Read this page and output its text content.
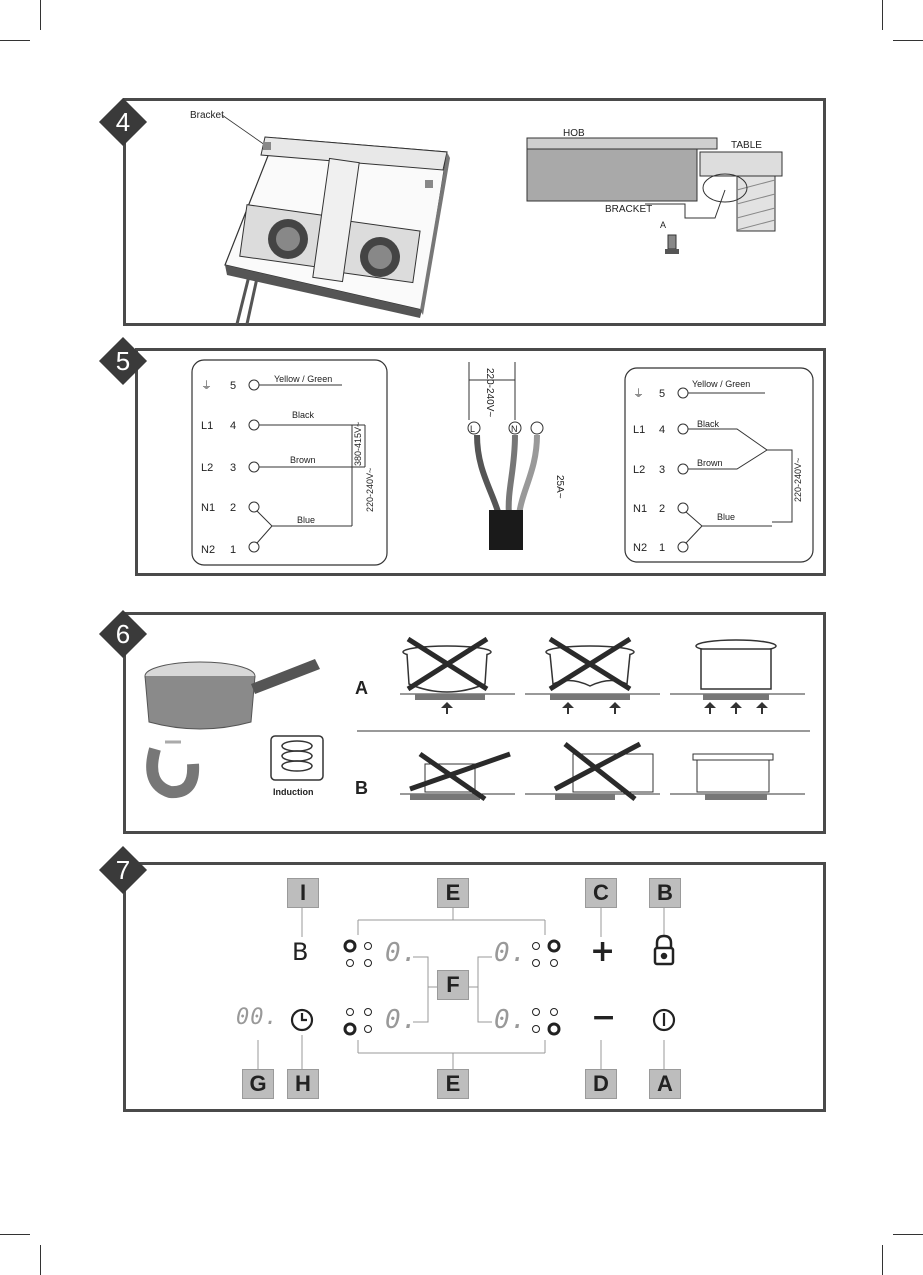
4	Bracket
HOB
TABLE
BRACKET
A
5
⏚ 5
Yellow / Green
L1 4
Black
L2 3
Brown
N1 2
N2 1
Blue
380-415V~
220-240V~
220-240V~
L	N
25A~
⏚ 5
Yellow / Green
L1 4	Black
L2 3
Brown
N1 2
N2 1
Blue
220-240V~
6
Induction
A
B
7
I	E	C	B
F
G	H	E	D	A
B	+
−
0.	0.
0.	0.
00.
